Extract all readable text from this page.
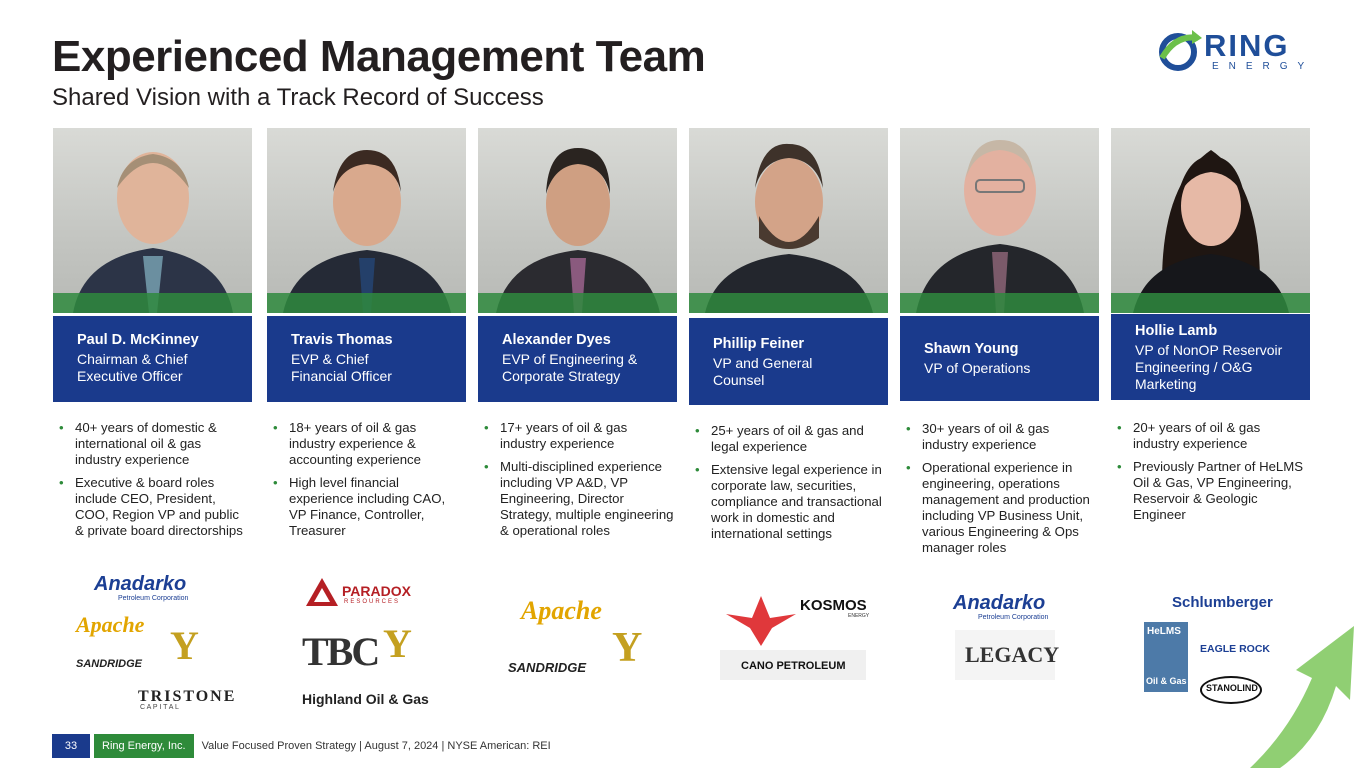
Experienced Management Team

Shared Vision with a Track Record of Success

RING
ENERGY
Paul D. McKinney
Chairman & Chief
Executive Officer
• 40+ years of domestic & international oil & gas industry experience
• Executive & board roles include CEO, President, COO, Region VP and public & private board directorships
Travis Thomas
EVP & Chief
Financial Officer
• 18+ years of oil & gas industry experience & accounting experience
• High level financial experience including CAO, VP Finance, Controller, Treasurer
Alexander Dyes
EVP of Engineering &
Corporate Strategy
• 17+ years of oil & gas industry experience
• Multi-disciplined experience including VP A&D, VP Engineering, Director Strategy, multiple engineering & operational roles
Phillip Feiner
VP and General
Counsel
• 25+ years of oil & gas and legal experience
• Extensive legal experience in corporate law, securities, compliance and transactional work in domestic and international settings
Shawn Young
VP of Operations
• 30+ years of oil & gas industry experience
• Operational experience in engineering, operations management and production including VP Business Unit, various Engineering & Ops manager roles
Hollie Lamb
VP of NonOP Reservoir
Engineering / O&G
Marketing
• 20+ years of oil & gas industry experience
• Previously Partner of HeLMS Oil & Gas, VP Engineering, Reservoir & Geologic Engineer
Anadarko
Petroleum Corporation
Apache Y
SANDRIDGE
TRISTONE
C A P I T A L
PARADOX
RESOURCES
TBC Y
Highland Oil & Gas
Apache
Y
SANDRIDGE
KOSMOS
ENERGY
CANO PETROLEUM
Anadarko
Petroleum Corporation
LEGACY
Schlumberger
HeLMS
Oil & Gas
EAGLE ROCK
STANOLIND
33	Ring Energy, Inc.	Value Focused Proven Strategy | August 7, 2024 | NYSE American: REI
